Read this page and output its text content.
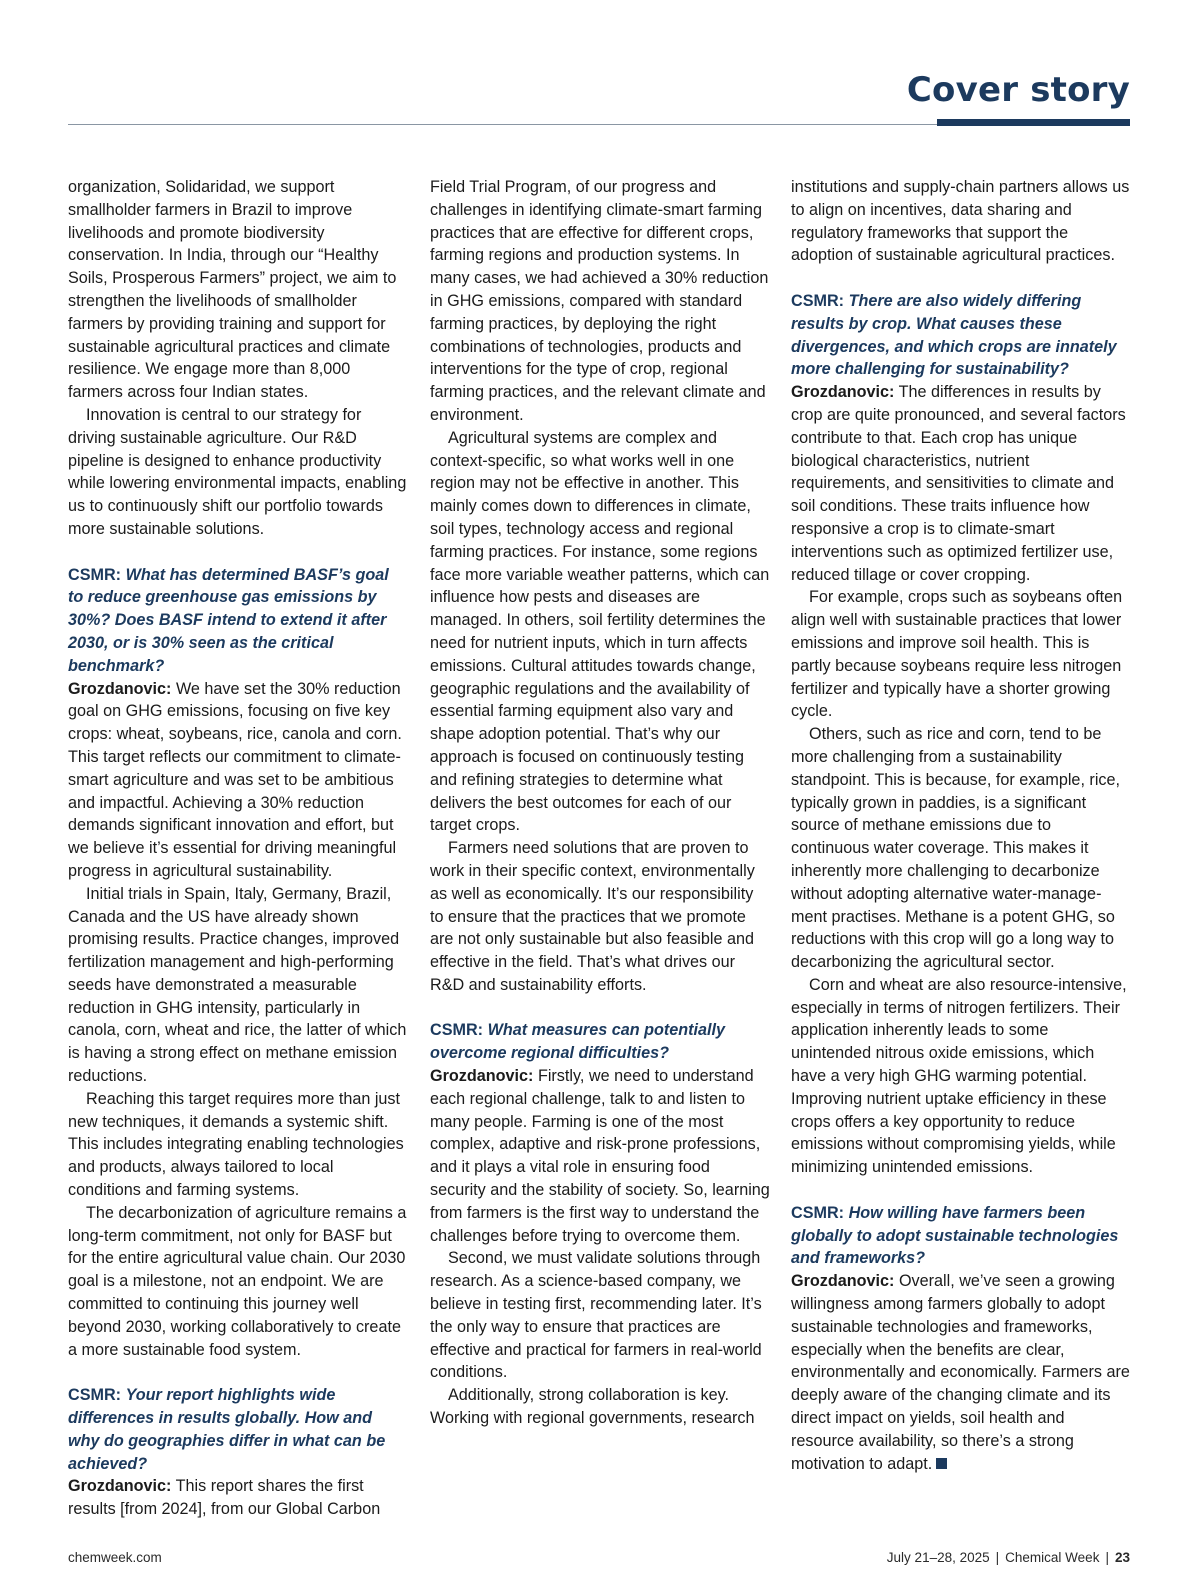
Cover story

organization, Solidaridad, we support smallholder farmers in Brazil to improve livelihoods and promote biodiversity conservation. In India, through our “Healthy Soils, Prosperous Farmers” project, we aim to strengthen the livelihoods of smallholder farmers by providing training and support for sustainable agricultural practices and climate resilience. We engage more than 8,000 farmers across four Indian states.

Innovation is central to our strategy for driving sustainable agriculture. Our R&D pipeline is designed to enhance productivity while lowering environmental impacts, enabling us to continuously shift our portfolio towards more sustainable solutions.

CSMR: What has determined BASF’s goal to reduce greenhouse gas emissions by 30%? Does BASF intend to extend it after 2030, or is 30% seen as the critical benchmark?

Grozdanovic: We have set the 30% reduction goal on GHG emissions, focusing on five key crops: wheat, soybeans, rice, canola and corn. This target reflects our commitment to climate-smart agriculture and was set to be ambitious and impactful. Achieving a 30% reduction demands significant innovation and effort, but we believe it’s essential for driving meaningful progress in agricultural sustainability.

Initial trials in Spain, Italy, Germany, Brazil, Canada and the US have already shown promising results. Practice changes, improved fertilization management and high-performing seeds have demonstrated a measurable reduction in GHG intensity, particularly in canola, corn, wheat and rice, the latter of which is having a strong effect on methane emission reductions.

Reaching this target requires more than just new techniques, it demands a systemic shift. This includes integrating enabling technologies and products, always tailored to local conditions and farming systems.

The decarbonization of agriculture remains a long-term commitment, not only for BASF but for the entire agricultural value chain. Our 2030 goal is a milestone, not an endpoint. We are committed to continuing this journey well beyond 2030, working collaboratively to create a more sustainable food system.

CSMR: Your report highlights wide differences in results globally. How and why do geographies differ in what can be achieved?

Grozdanovic: This report shares the first results [from 2024], from our Global Carbon

Field Trial Program, of our progress and challenges in identifying climate-smart farming practices that are effective for different crops, farming regions and production systems. In many cases, we had achieved a 30% reduction in GHG emissions, compared with standard farming practices, by deploying the right combinations of technologies, products and interventions for the type of crop, regional farming practices, and the relevant climate and environment.

Agricultural systems are complex and context-specific, so what works well in one region may not be effective in another. This mainly comes down to differences in climate, soil types, technology access and regional farming practices. For instance, some regions face more variable weather patterns, which can influence how pests and diseases are managed. In others, soil fertility determines the need for nutrient inputs, which in turn affects emissions. Cultural attitudes towards change, geographic regulations and the availability of essential farming equipment also vary and shape adoption potential. That’s why our approach is focused on continuously testing and refining strategies to determine what delivers the best outcomes for each of our target crops.

Farmers need solutions that are proven to work in their specific context, environmentally as well as economically. It’s our responsibility to ensure that the practices that we promote are not only sustainable but also feasible and effective in the field. That’s what drives our R&D and sustainability efforts.

CSMR: What measures can potentially overcome regional difficulties?

Grozdanovic: Firstly, we need to understand each regional challenge, talk to and listen to many people. Farming is one of the most complex, adaptive and risk-prone professions, and it plays a vital role in ensuring food security and the stability of society. So, learning from farmers is the first way to understand the challenges before trying to overcome them.

Second, we must validate solutions through research. As a science-based company, we believe in testing first, recommending later. It’s the only way to ensure that practices are effective and practical for farmers in real-world conditions.

Additionally, strong collaboration is key. Working with regional governments, research

institutions and supply-chain partners allows us to align on incentives, data sharing and regulatory frameworks that support the adoption of sustainable agricultural practices.

CSMR: There are also widely differing results by crop. What causes these divergences, and which crops are innately more challenging for sustainability?

Grozdanovic: The differences in results by crop are quite pronounced, and several factors contribute to that. Each crop has unique biological characteristics, nutrient requirements, and sensitivities to climate and soil conditions. These traits influence how responsive a crop is to climate-smart interventions such as optimized fertilizer use, reduced tillage or cover cropping.

For example, crops such as soybeans often align well with sustainable practices that lower emissions and improve soil health. This is partly because soybeans require less nitrogen fertilizer and typically have a shorter growing cycle.

Others, such as rice and corn, tend to be more challenging from a sustainability standpoint. This is because, for example, rice, typically grown in paddies, is a significant source of methane emissions due to continuous water coverage. This makes it inherently more challenging to decarbonize without adopting alternative water-management practises. Methane is a potent GHG, so reductions with this crop will go a long way to decarbonizing the agricultural sector.

Corn and wheat are also resource-intensive, especially in terms of nitrogen fertilizers. Their application inherently leads to some unintended nitrous oxide emissions, which have a very high GHG warming potential. Improving nutrient uptake efficiency in these crops offers a key opportunity to reduce emissions without compromising yields, while minimizing unintended emissions.

CSMR: How willing have farmers been globally to adopt sustainable technologies and frameworks?

Grozdanovic: Overall, we’ve seen a growing willingness among farmers globally to adopt sustainable technologies and frameworks, especially when the benefits are clear, environmentally and economically. Farmers are deeply aware of the changing climate and its direct impact on yields, soil health and resource availability, so there’s a strong motivation to adapt.

chemweek.com	July 21–28, 2025 | Chemical Week | 23
